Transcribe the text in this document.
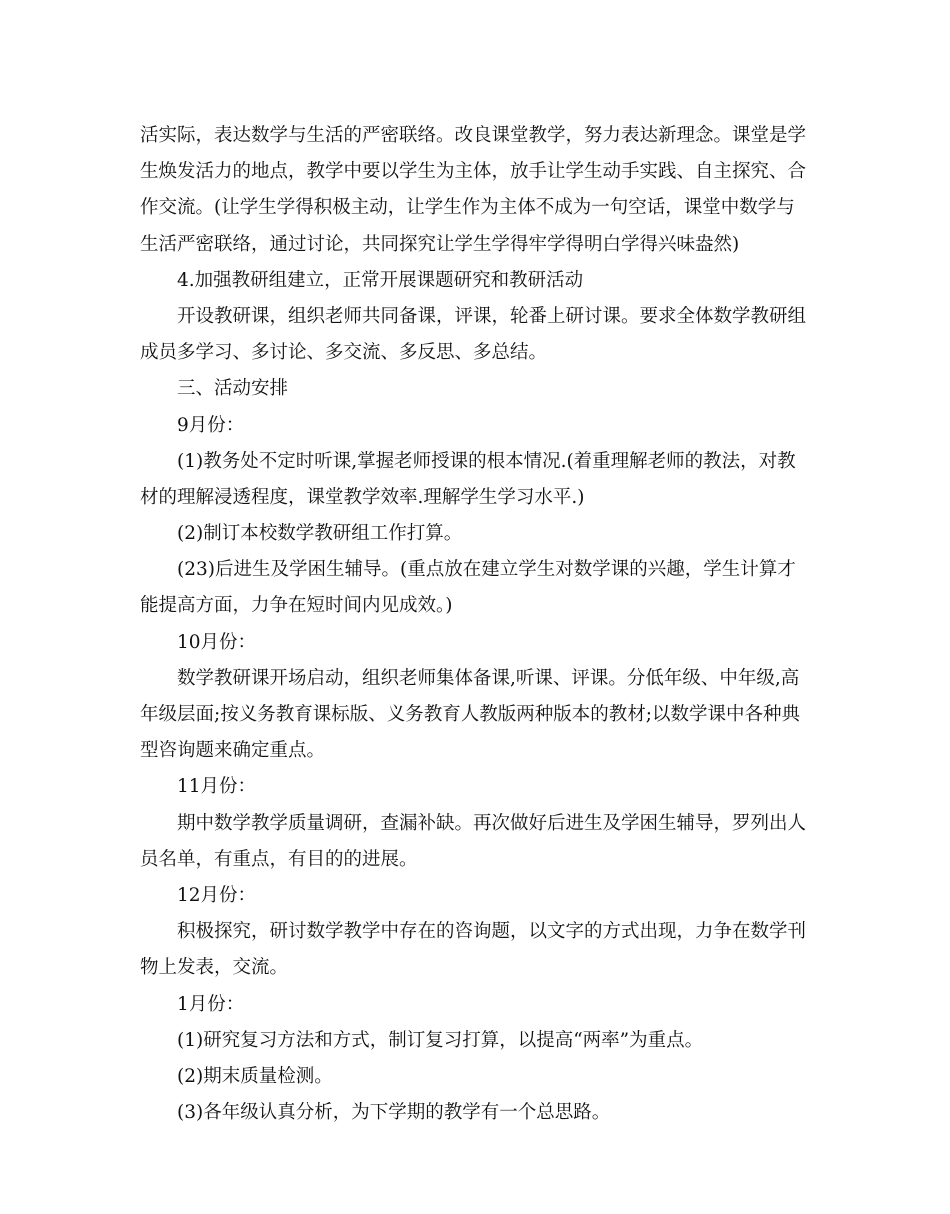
活实际，表达数学与生活的严密联络。改良课堂教学，努力表达新理念。课堂是学
生焕发活力的地点，教学中要以学生为主体，放手让学生动手实践、自主探究、合
作交流。(让学生学得积极主动，让学生作为主体不成为一句空话，课堂中数学与
生活严密联络，通过讨论，共同探究让学生学得牢学得明白学得兴味盎然)
4.加强教研组建立，正常开展课题研究和教研活动
开设教研课，组织老师共同备课，评课，轮番上研讨课。要求全体数学教研组
成员多学习、多讨论、多交流、多反思、多总结。
三、活动安排
9月份：
(1)教务处不定时听课,掌握老师授课的根本情况.(着重理解老师的教法，对教
材的理解浸透程度，课堂教学效率.理解学生学习水平.)
(2)制订本校数学教研组工作打算。
(23)后进生及学困生辅导。(重点放在建立学生对数学课的兴趣，学生计算才
能提高方面，力争在短时间内见成效。)
10月份：
数学教研课开场启动，组织老师集体备课,听课、评课。分低年级、中年级,高
年级层面;按义务教育课标版、义务教育人教版两种版本的教材;以数学课中各种典
型咨询题来确定重点。
11月份：
期中数学教学质量调研，查漏补缺。再次做好后进生及学困生辅导，罗列出人
员名单，有重点，有目的的进展。
12月份：
积极探究，研讨数学教学中存在的咨询题，以文字的方式出现，力争在数学刊
物上发表，交流。
1月份：
(1)研究复习方法和方式，制订复习打算，以提高“两率”为重点。
(2)期末质量检测。
(3)各年级认真分析，为下学期的教学有一个总思路。
